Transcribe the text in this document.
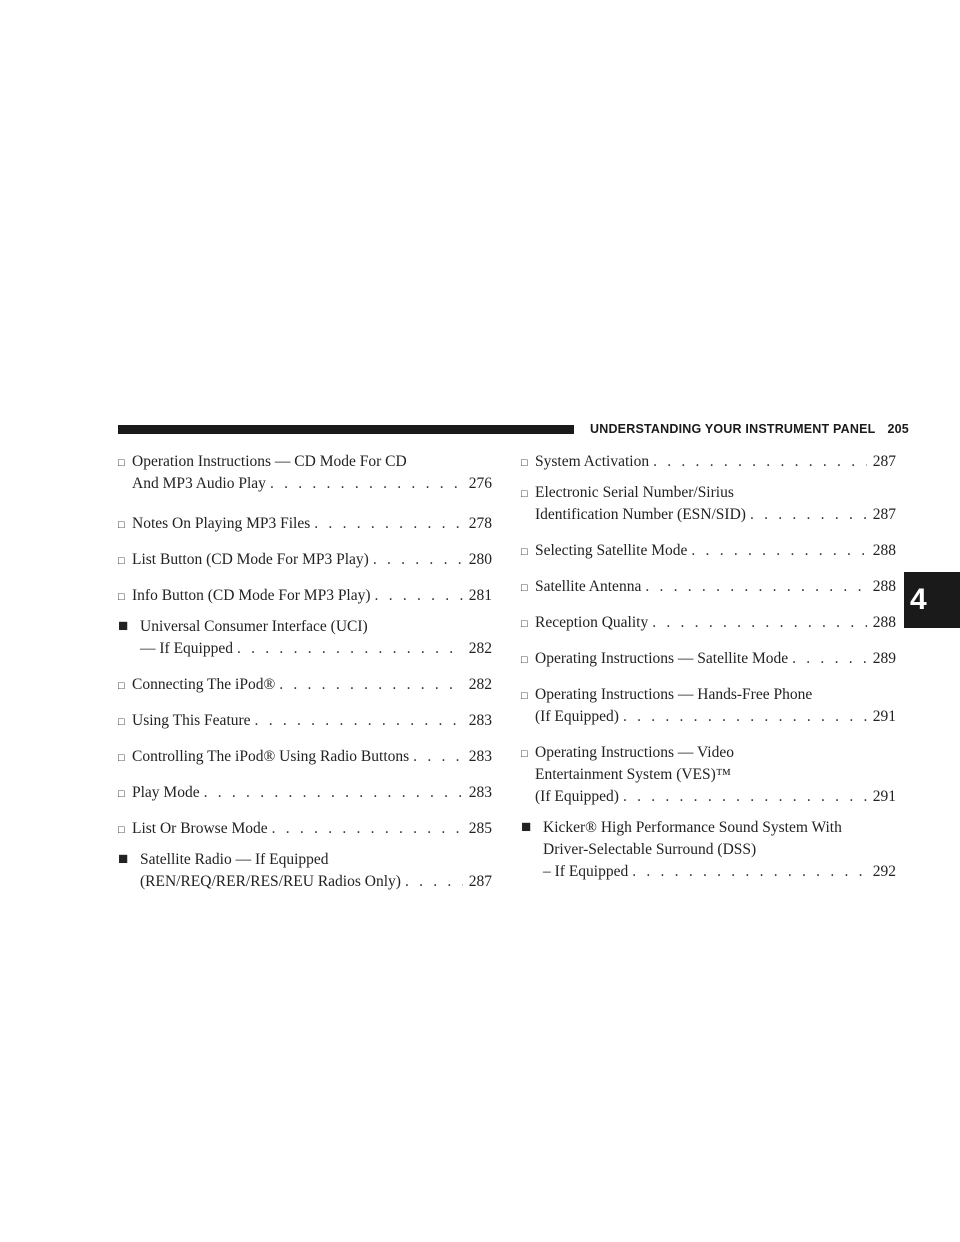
UNDERSTANDING YOUR INSTRUMENT PANEL 205
4
□ Operation Instructions — CD Mode For CD
And MP3 Audio Play . . .	276
□ Notes On Playing MP3 Files . . .	278
□ List Button (CD Mode For MP3 Play) . . .	280
□ Info Button (CD Mode For MP3 Play) . . .	281
■ Universal Consumer Interface (UCI)
— If Equipped . . .	282
□ Connecting The iPod® . . .	282
□ Using This Feature . . .	283
□ Controlling The iPod® Using Radio Buttons . . .	283
□ Play Mode . . .	283
□ List Or Browse Mode . . .	285
■ Satellite Radio — If Equipped
(REN/REQ/RER/RES/REU Radios Only) . . .	287
□ System Activation . . .	287
□ Electronic Serial Number/Sirius
Identification Number (ESN/SID) . . .	287
□ Selecting Satellite Mode . . .	288
□ Satellite Antenna . . .	288
□ Reception Quality . . .	288
□ Operating Instructions — Satellite Mode . . .	289
□ Operating Instructions — Hands-Free Phone
(If Equipped) . . .	291
□ Operating Instructions — Video
Entertainment System (VES)™
(If Equipped) . . .	291
■ Kicker® High Performance Sound System With
Driver-Selectable Surround (DSS)
– If Equipped . . .	292
